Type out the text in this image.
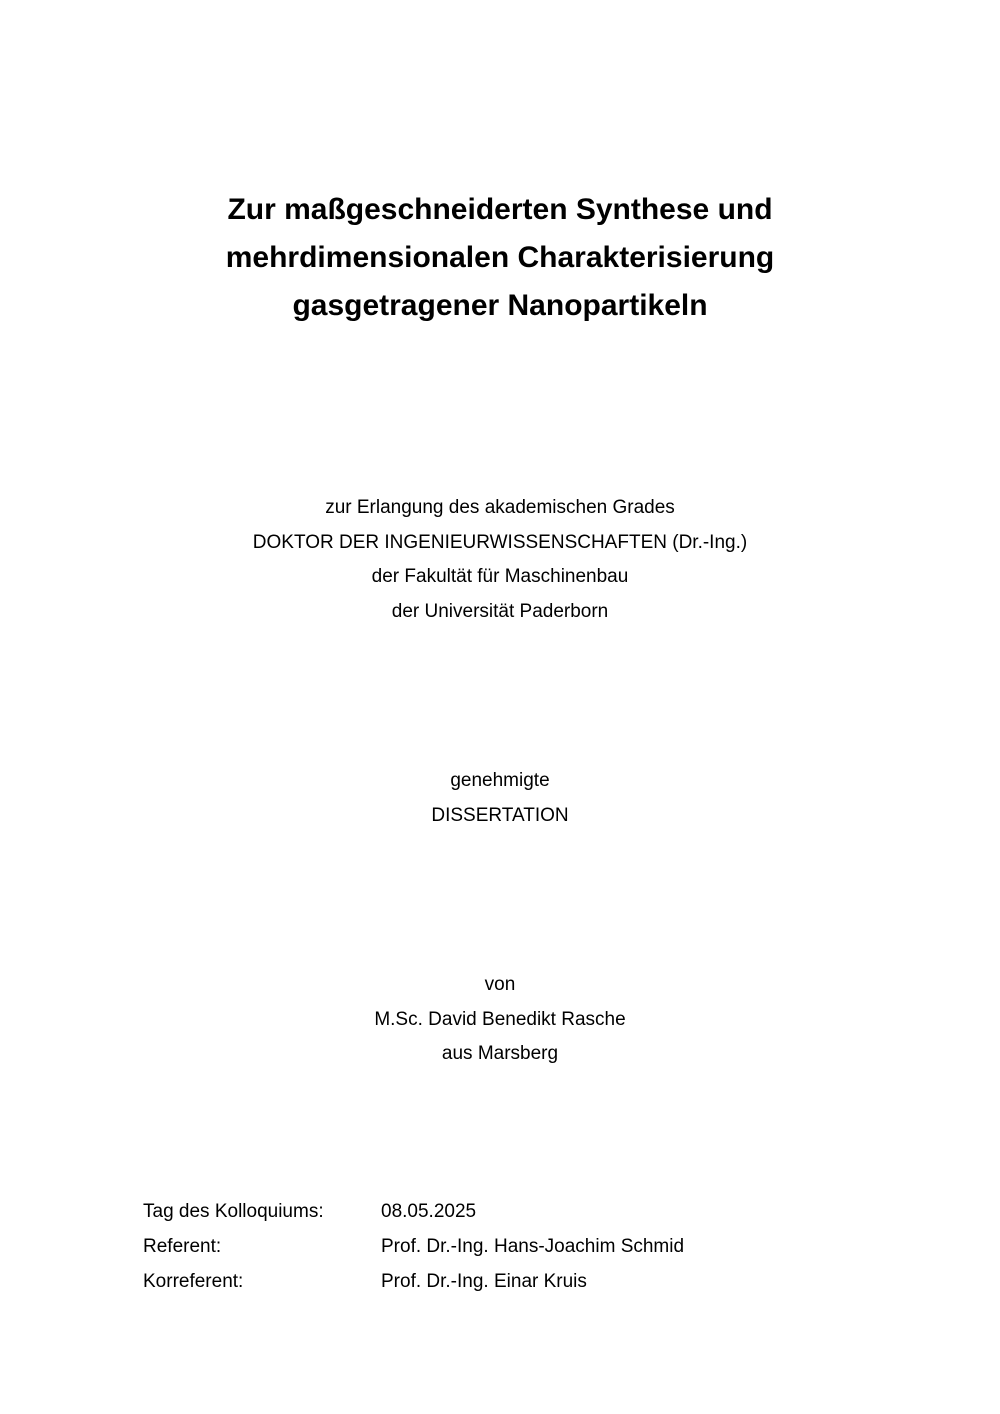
Zur maßgeschneiderten Synthese und
mehrdimensionalen Charakterisierung
gasgetragener Nanopartikeln
zur Erlangung des akademischen Grades
DOKTOR DER INGENIEURWISSENSCHAFTEN (Dr.-Ing.)
der Fakultät für Maschinenbau
der Universität Paderborn
genehmigte
DISSERTATION
von
M.Sc. David Benedikt Rasche
aus Marsberg
Tag des Kolloquiums:	08.05.2025
Referent:	Prof. Dr.-Ing. Hans-Joachim Schmid
Korreferent:	Prof. Dr.-Ing. Einar Kruis
